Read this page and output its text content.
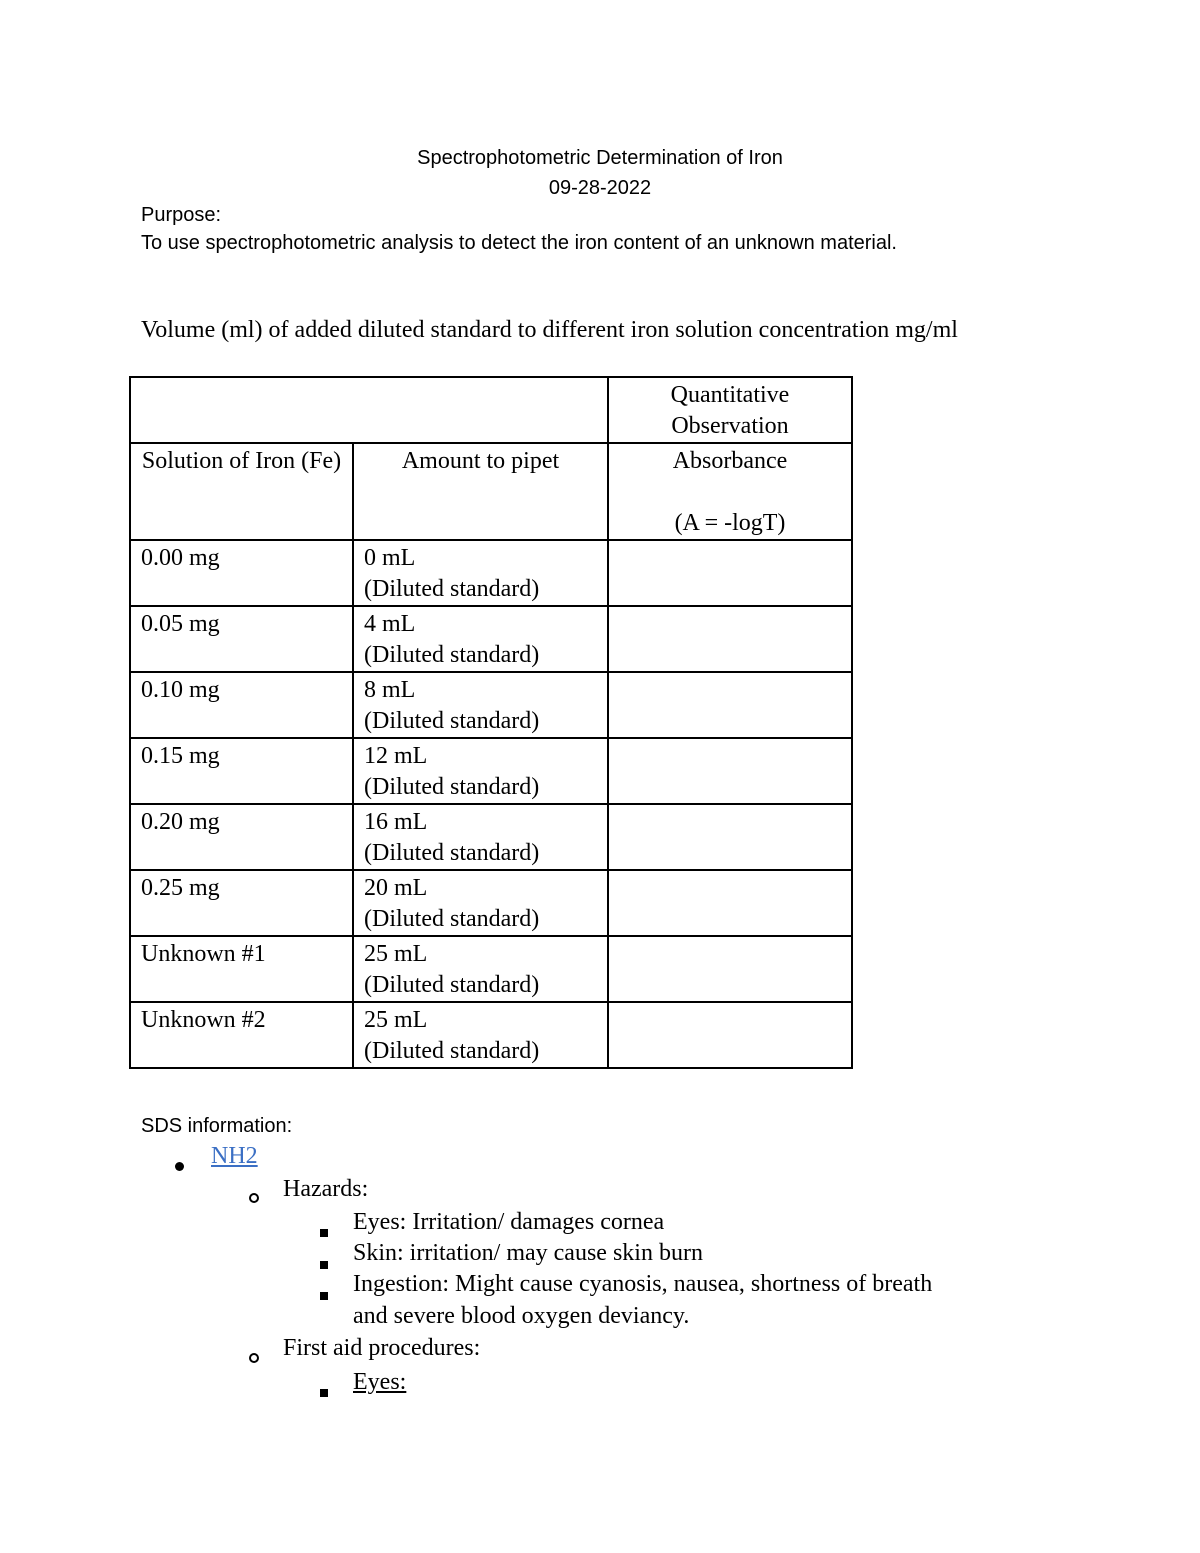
Spectrophotometric Determination of Iron
09-28-2022
Purpose:
To use spectrophotometric analysis to detect the iron content of an unknown material.
Volume (ml) of added diluted standard to different iron solution concentration mg/ml
		Quantitative Observation
Solution of Iron (Fe)	Amount to pipet	Absorbance
(A = -logT)
0.00 mg	0 mL
(Diluted standard)	

0.05 mg	4 mL
(Diluted standard)	

0.10 mg	8 mL
(Diluted standard)	

0.15 mg	12 mL
(Diluted standard)	

0.20 mg	16 mL
(Diluted standard)	

0.25 mg	20 mL
(Diluted standard)	

Unknown #1	25 mL
(Diluted standard)	

Unknown #2	25 mL
(Diluted standard)	

SDS information:
NH2
Hazards:
Eyes: Irritation/ damages cornea
Skin: irritation/ may cause skin burn
Ingestion: Might cause cyanosis, nausea, shortness of breath
and severe blood oxygen deviancy.
First aid procedures:
Eyes:
